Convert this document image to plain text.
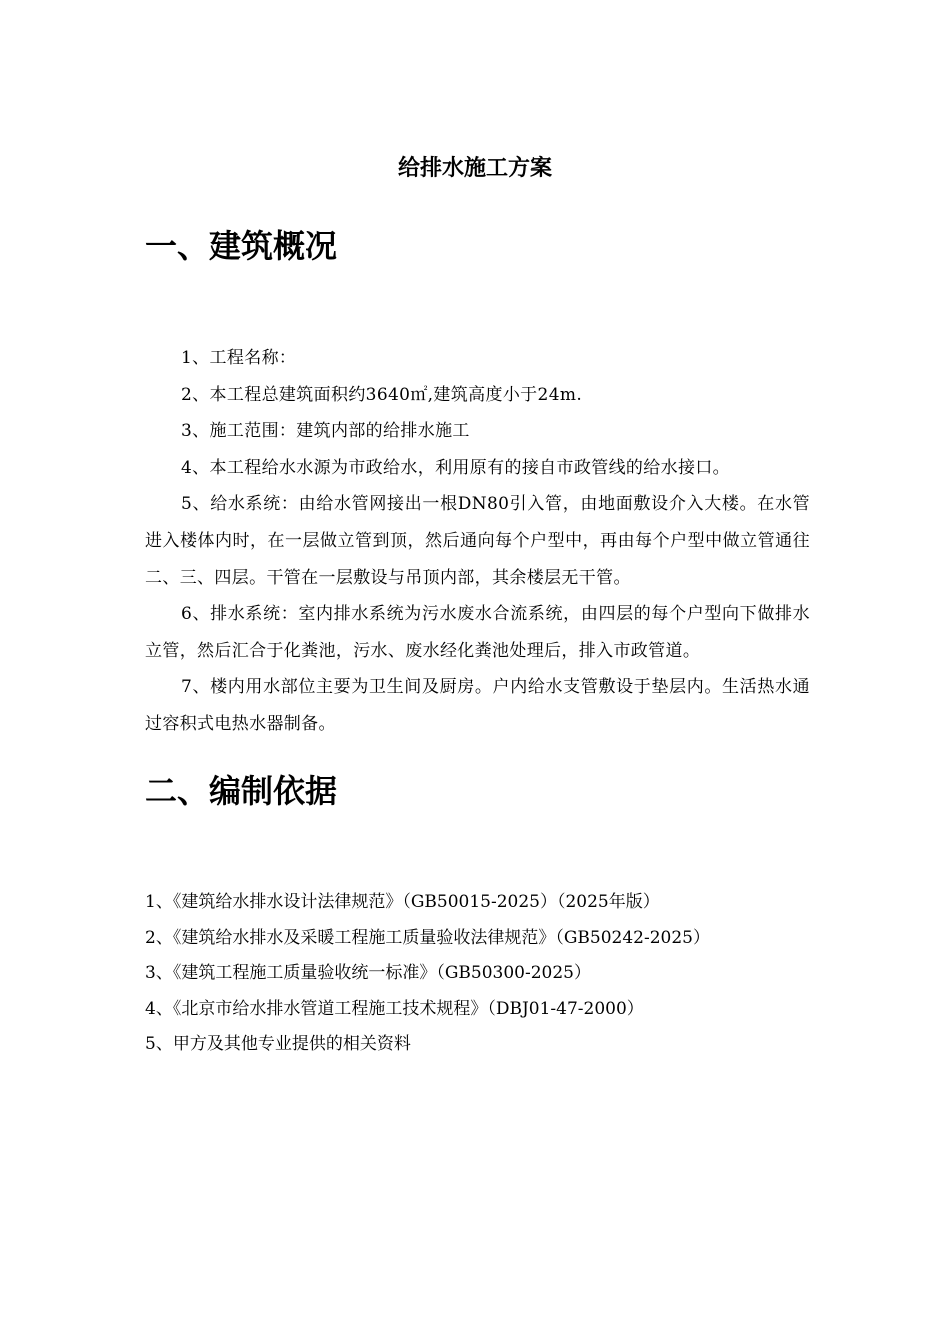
给排水施工方案
一、建筑概况

1、工程名称：

2、本工程总建筑面积约3640㎡,建筑高度小于24m.

3、施工范围：建筑内部的给排水施工

4、本工程给水水源为市政给水，利用原有的接自市政管线的给水接口。

5、给水系统：由给水管网接出一根DN80引入管，由地面敷设介入大楼。在水管进入楼体内时，在一层做立管到顶，然后通向每个户型中，再由每个户型中做立管通往二、三、四层。干管在一层敷设与吊顶内部，其余楼层无干管。

6、排水系统：室内排水系统为污水废水合流系统，由四层的每个户型向下做排水立管，然后汇合于化粪池，污水、废水经化粪池处理后，排入市政管道。

7、楼内用水部位主要为卫生间及厨房。户内给水支管敷设于垫层内。生活热水通过容积式电热水器制备。

二、编制依据

1、《建筑给水排水设计法律规范》（GB50015-2025）（2025年版）

2、《建筑给水排水及采暖工程施工质量验收法律规范》（GB50242-2025）

3、《建筑工程施工质量验收统一标准》（GB50300-2025）

4、《北京市给水排水管道工程施工技术规程》（DBJ01-47-2000）

5、甲方及其他专业提供的相关资料
